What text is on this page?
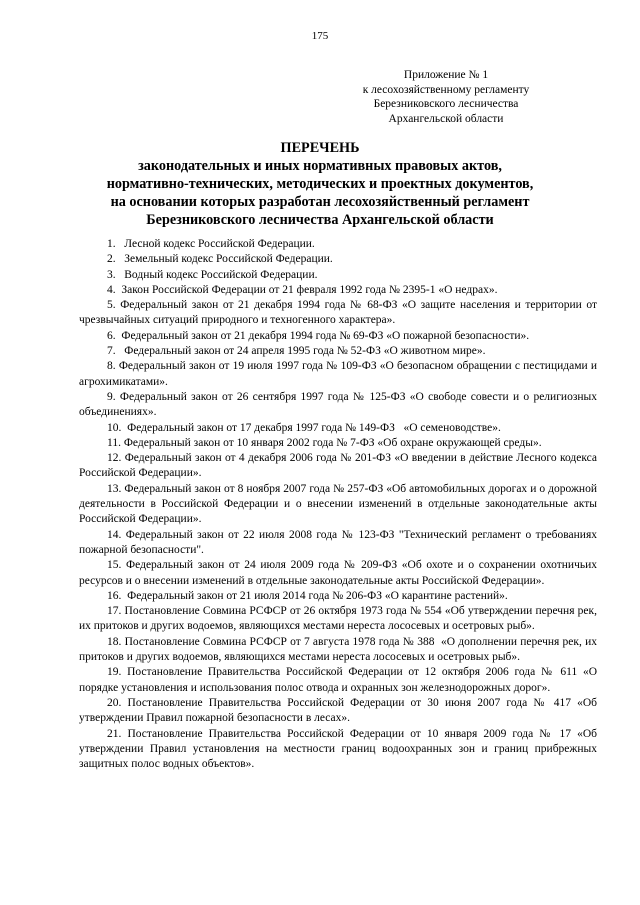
175
Приложение № 1
к лесохозяйственному регламенту
Березниковского лесничества
Архангельской области
ПЕРЕЧЕНЬ
законодательных и иных нормативных правовых актов,
нормативно-технических, методических и проектных документов,
на основании которых разработан лесохозяйственный регламент
Березниковского лесничества Архангельской области
1.   Лесной кодекс Российской Федерации.
2.   Земельный кодекс Российской Федерации.
3.   Водный кодекс Российской Федерации.
4.  Закон Российской Федерации от 21 февраля 1992 года № 2395-1 «О недрах».
5. Федеральный закон от 21 декабря 1994 года № 68-ФЗ «О защите населения и территории от чрезвычайных ситуаций природного и техногенного характера».
6.  Федеральный закон от 21 декабря 1994 года № 69-ФЗ «О пожарной безопасности».
7.   Федеральный закон от 24 апреля 1995 года № 52-ФЗ «О животном мире».
8. Федеральный закон от 19 июля 1997 года № 109-ФЗ «О безопасном обращении с пестицидами и агрохимикатами».
9. Федеральный закон от 26 сентября 1997 года № 125-ФЗ «О свободе совести и о религиозных объединениях».
10.  Федеральный закон от 17 декабря 1997 года № 149-ФЗ   «О семеноводстве».
11. Федеральный закон от 10 января 2002 года № 7-ФЗ «Об охране окружающей среды».
12. Федеральный закон от 4 декабря 2006 года № 201-ФЗ «О введении в действие Лесного кодекса Российской Федерации».
13. Федеральный закон от 8 ноября 2007 года № 257-ФЗ «Об автомобильных дорогах и о дорожной деятельности в Российской Федерации и о внесении изменений в отдельные законодательные акты Российской Федерации».
14. Федеральный закон от 22 июля 2008 года № 123-ФЗ "Технический регламент о требованиях пожарной безопасности".
15. Федеральный закон от 24 июля 2009 года № 209-ФЗ «Об охоте и о сохранении охотничьих ресурсов и о внесении изменений в отдельные законодательные акты Российской Федерации».
16.  Федеральный закон от 21 июля 2014 года № 206-ФЗ «О карантине растений».
17. Постановление Совмина РСФСР от 26 октября 1973 года № 554 «Об утверждении перечня рек, их притоков и других водоемов, являющихся местами нереста лососевых и осетровых рыб».
18. Постановление Совмина РСФСР от 7 августа 1978 года № 388  «О дополнении перечня рек, их притоков и других водоемов, являющихся местами нереста лососевых и осетровых рыб».
19. Постановление Правительства Российской Федерации от 12 октября 2006 года № 611 «О порядке установления и использования полос отвода и охранных зон железнодорожных дорог».
20. Постановление Правительства Российской Федерации от 30 июня 2007 года № 417 «Об утверждении Правил пожарной безопасности в лесах».
21. Постановление Правительства Российской Федерации от 10 января 2009 года № 17 «Об утверждении Правил установления на местности границ водоохранных зон и границ прибрежных защитных полос водных объектов».
